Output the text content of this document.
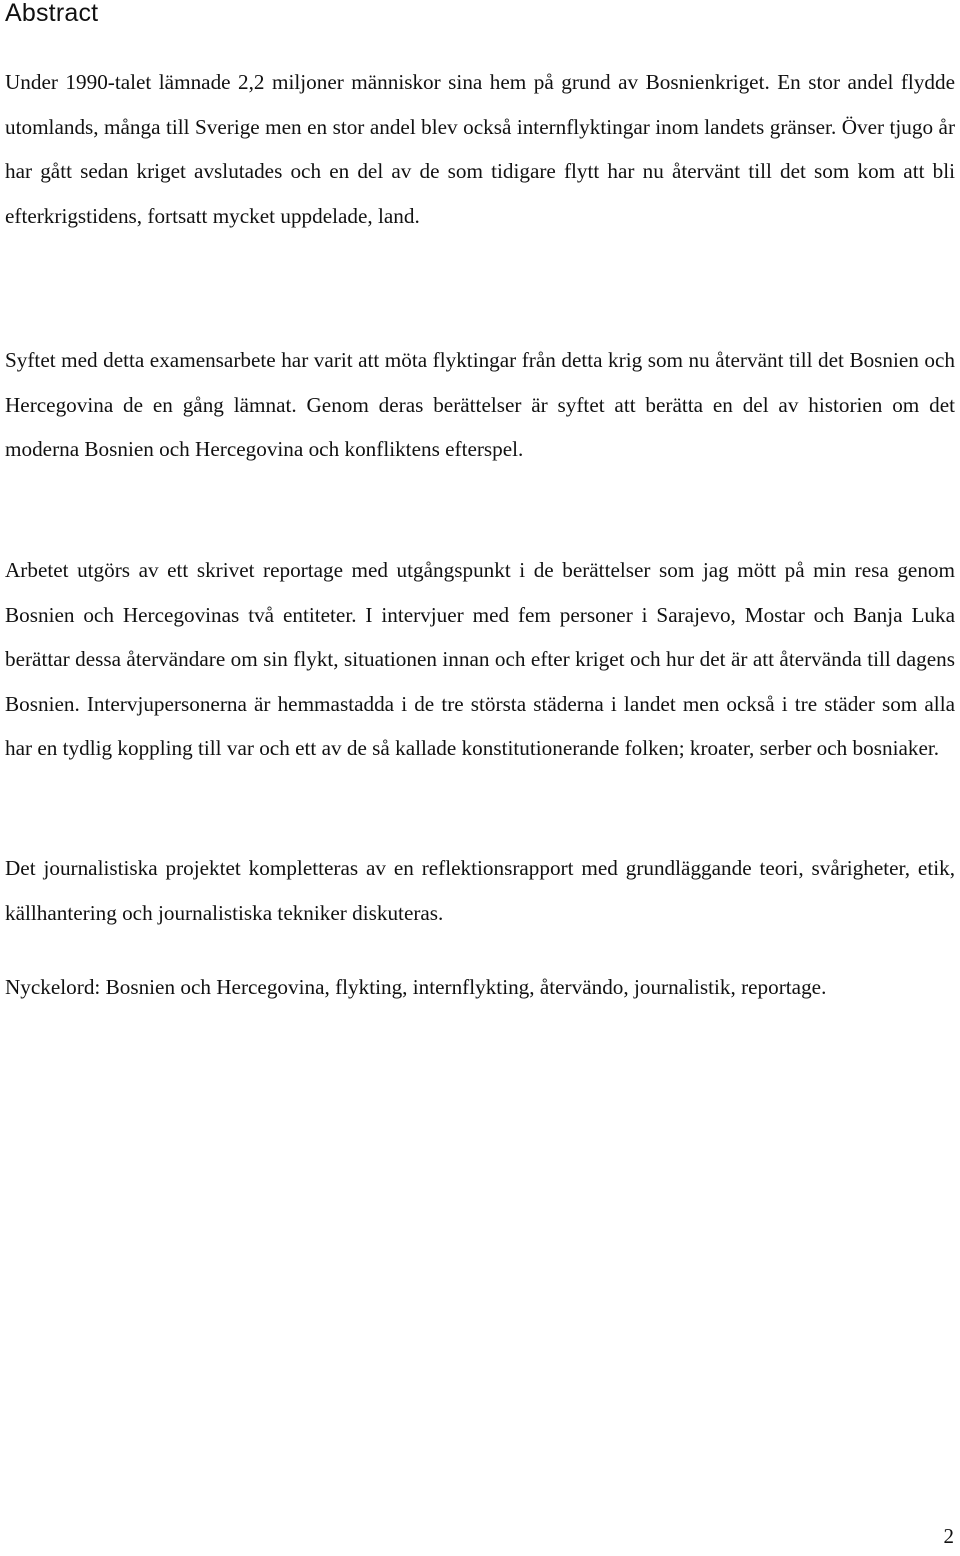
Abstract

Under 1990-talet lämnade 2,2 miljoner människor sina hem på grund av Bosnienkriget. En stor andel flydde utomlands, många till Sverige men en stor andel blev också internflyktingar inom landets gränser. Över tjugo år har gått sedan kriget avslutades och en del av de som tidigare flytt har nu återvänt till det som kom att bli efterkrigstidens, fortsatt mycket uppdelade, land.

Syftet med detta examensarbete har varit att möta flyktingar från detta krig som nu återvänt till det Bosnien och Hercegovina de en gång lämnat. Genom deras berättelser är syftet att berätta en del av historien om det moderna Bosnien och Hercegovina och konfliktens efterspel.

Arbetet utgörs av ett skrivet reportage med utgångspunkt i de berättelser som jag mött på min resa genom Bosnien och Hercegovinas två entiteter. I intervjuer med fem personer i Sarajevo, Mostar och Banja Luka berättar dessa återvändare om sin flykt, situationen innan och efter kriget och hur det är att återvända till dagens Bosnien. Intervjupersonerna är hemmastadda i de tre största städerna i landet men också i tre städer som alla har en tydlig koppling till var och ett av de så kallade konstitutionerande folken; kroater, serber och bosniaker.

Det journalistiska projektet kompletteras av en reflektionsrapport med grundläggande teori, svårigheter, etik, källhantering och journalistiska tekniker diskuteras.

Nyckelord: Bosnien och Hercegovina, flykting, internflykting, återvändo, journalistik, reportage.

2
